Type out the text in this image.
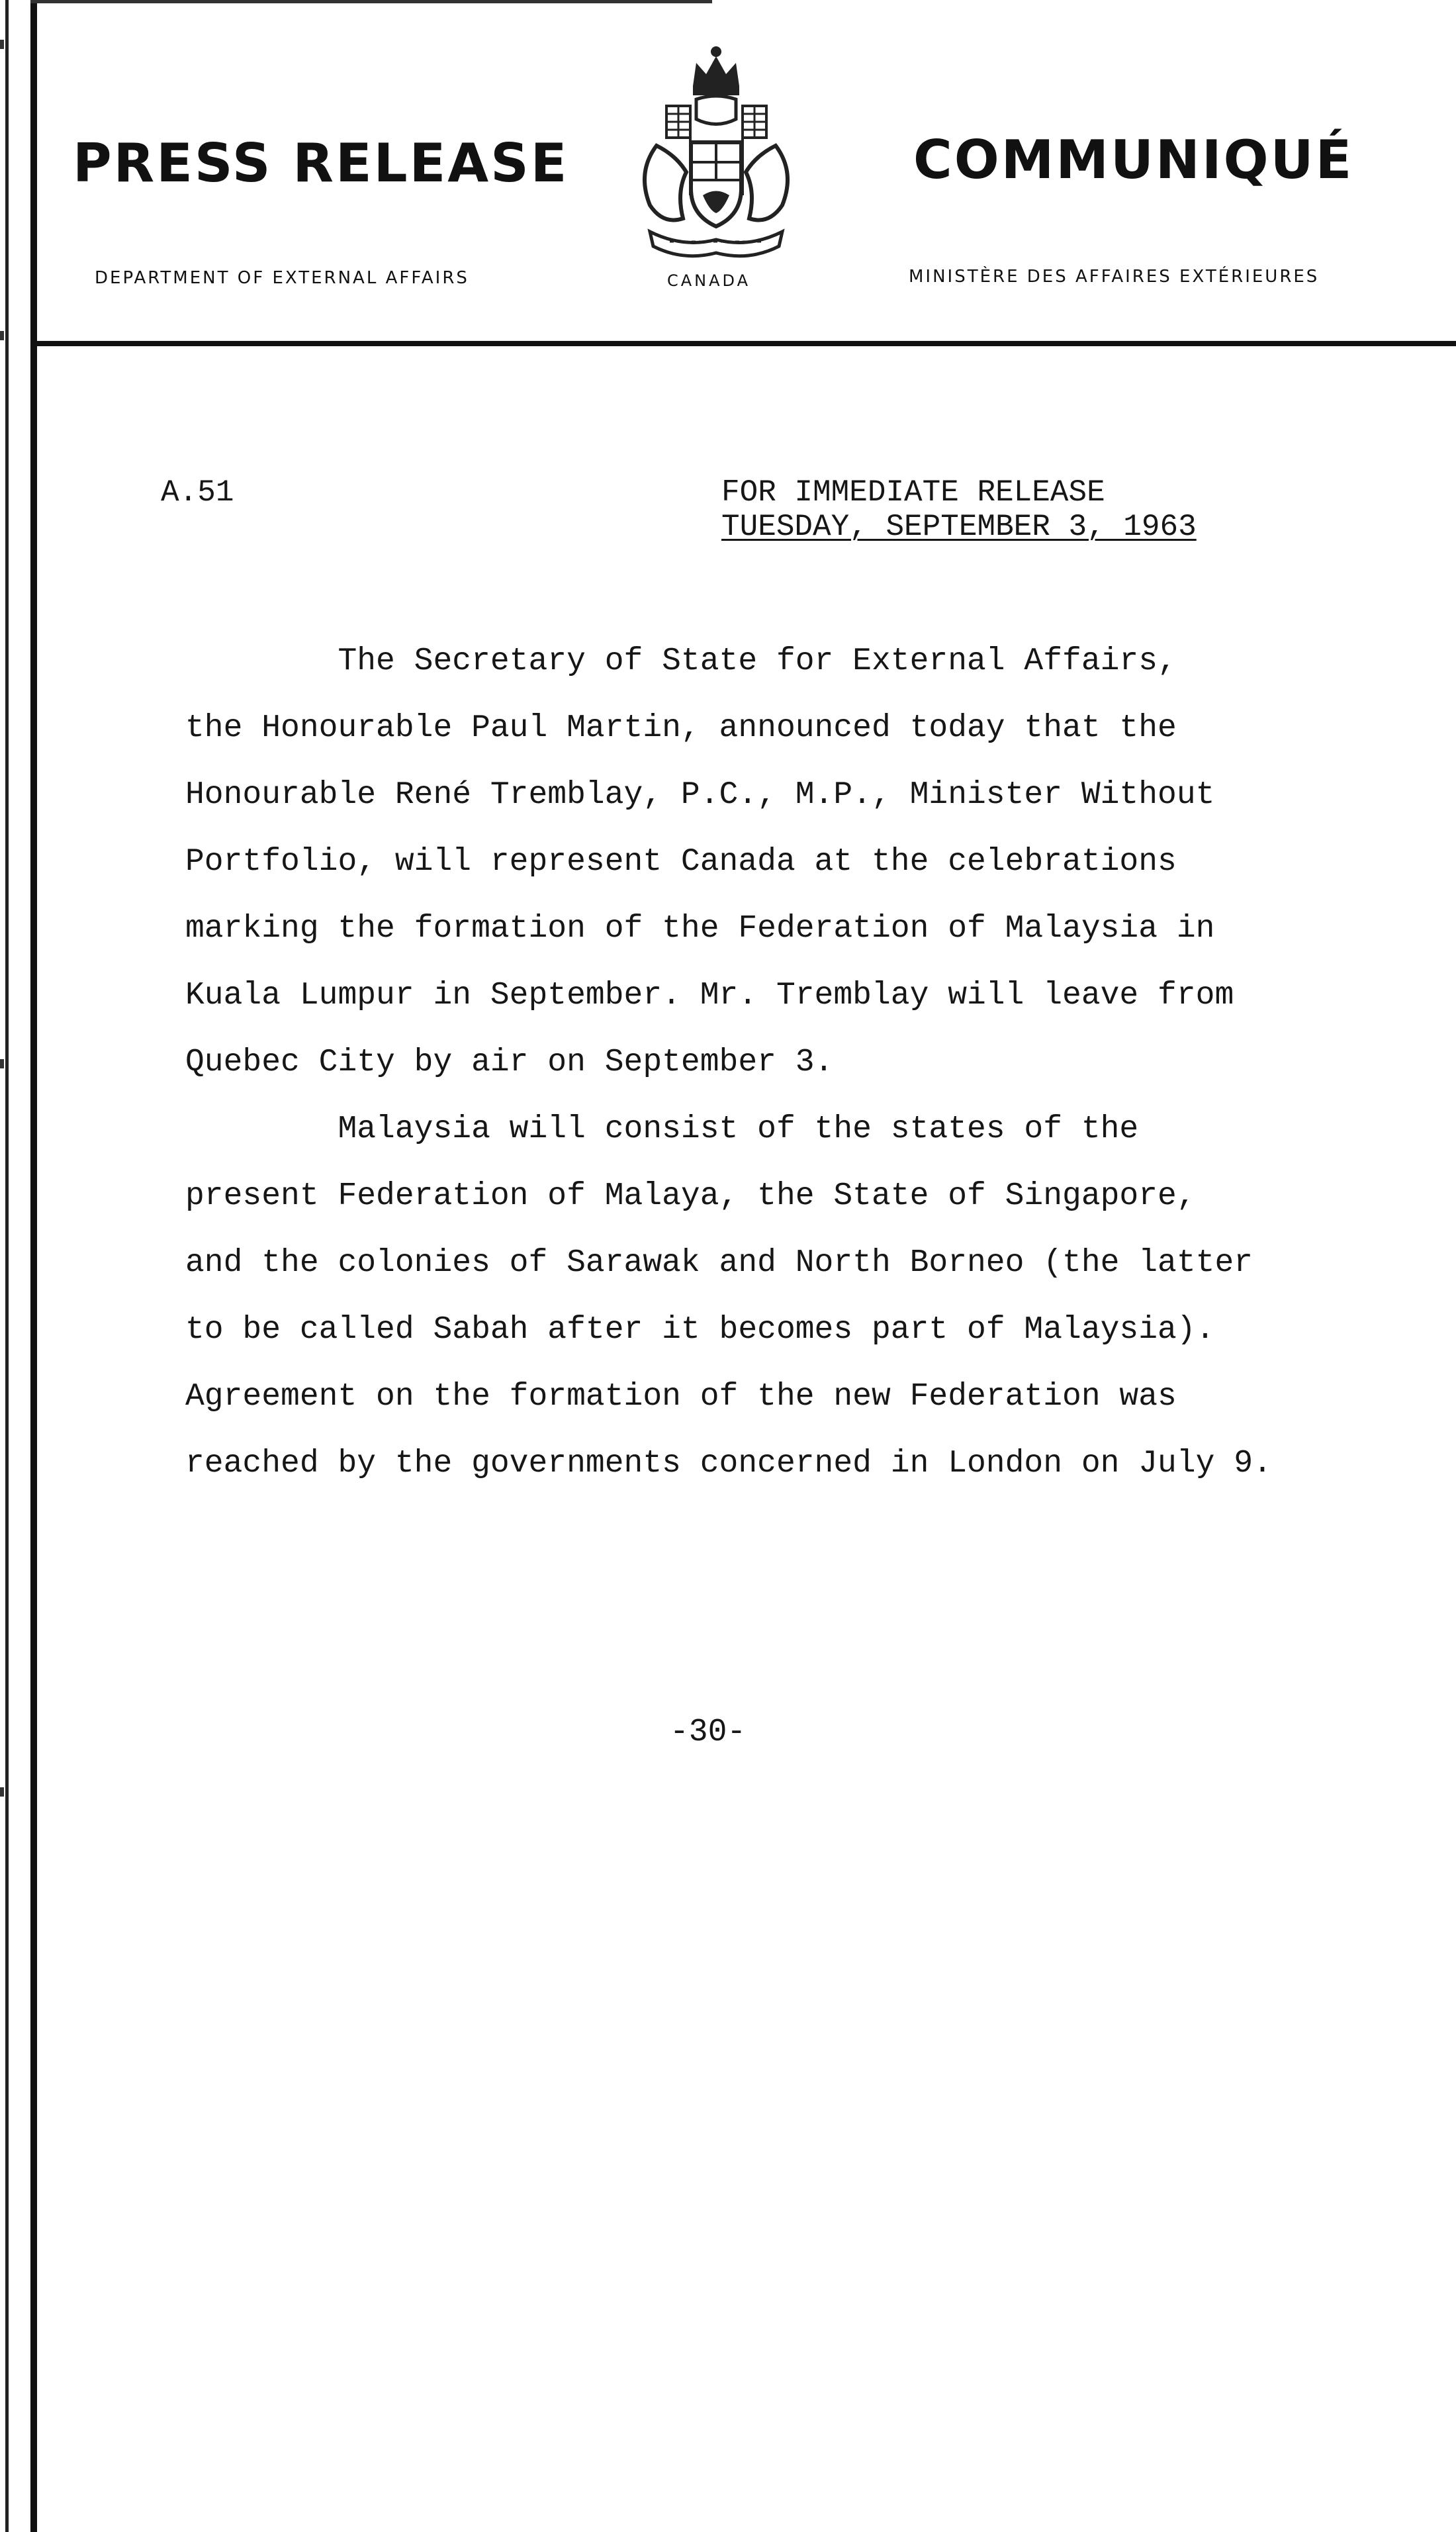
PRESS RELEASE	COMMUNIQUÉ
DEPARTMENT OF EXTERNAL AFFAIRS	CANADA	MINISTÈRE DES AFFAIRES EXTÉRIEURES
A.51	FOR IMMEDIATE RELEASE
TUESDAY, SEPTEMBER 3, 1963
The Secretary of State for External Affairs,
the Honourable Paul Martin, announced today that the
Honourable René Tremblay, P.C., M.P., Minister Without
Portfolio, will represent Canada at the celebrations
marking the formation of the Federation of Malaysia in
Kuala Lumpur in September. Mr. Tremblay will leave from
Quebec City by air on September 3.
Malaysia will consist of the states of the
present Federation of Malaya, the State of Singapore,
and the colonies of Sarawak and North Borneo (the latter
to be called Sabah after it becomes part of Malaysia).
Agreement on the formation of the new Federation was
reached by the governments concerned in London on July 9.
-30-
